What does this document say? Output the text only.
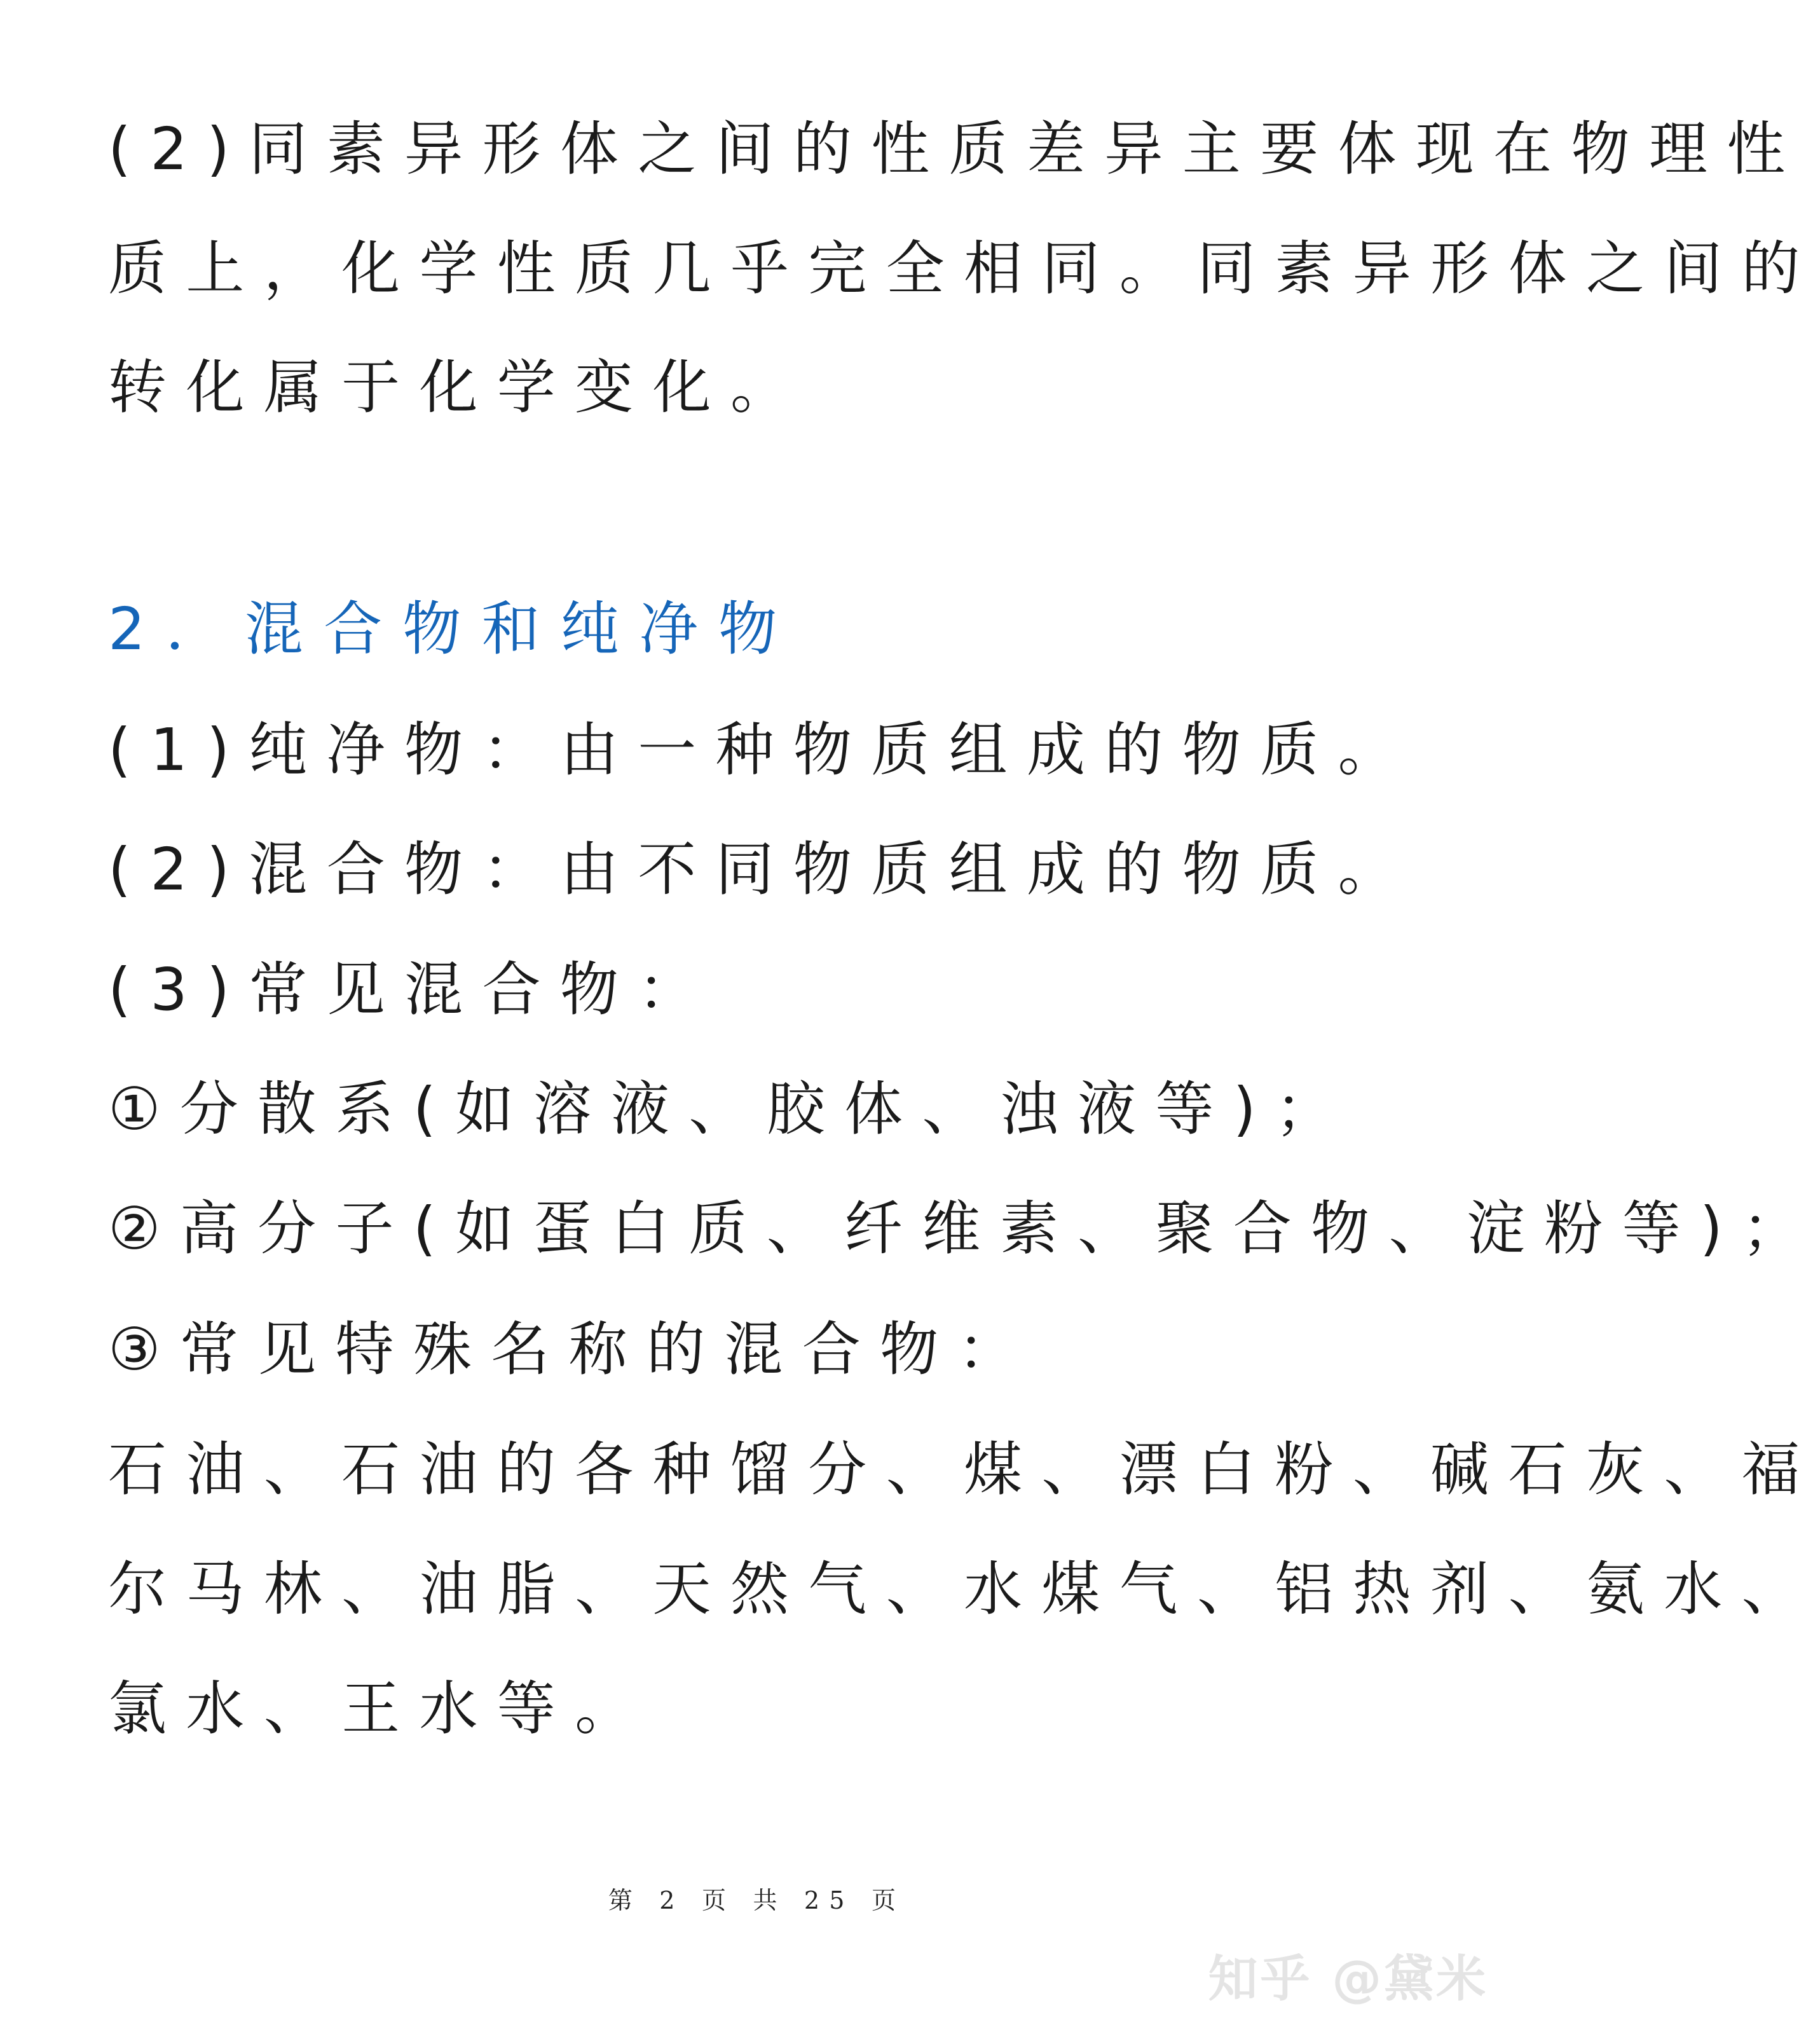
(2)同素异形体之间的性质差异主要体现在物理性
质上，化学性质几乎完全相同。同素异形体之间的
转化属于化学变化。
2．混合物和纯净物
(1)纯净物：由一种物质组成的物质。
(2)混合物：由不同物质组成的物质。
(3)常见混合物：
①分散系(如溶液、胶体、浊液等)；
②高分子(如蛋白质、纤维素、聚合物、淀粉等)；
③常见特殊名称的混合物：
石油、石油的各种馏分、煤、漂白粉、碱石灰、福
尔马林、油脂、天然气、水煤气、铝热剂、氨水、
氯水、王水等。
第 2 页 共 25 页
知乎 @黛米
